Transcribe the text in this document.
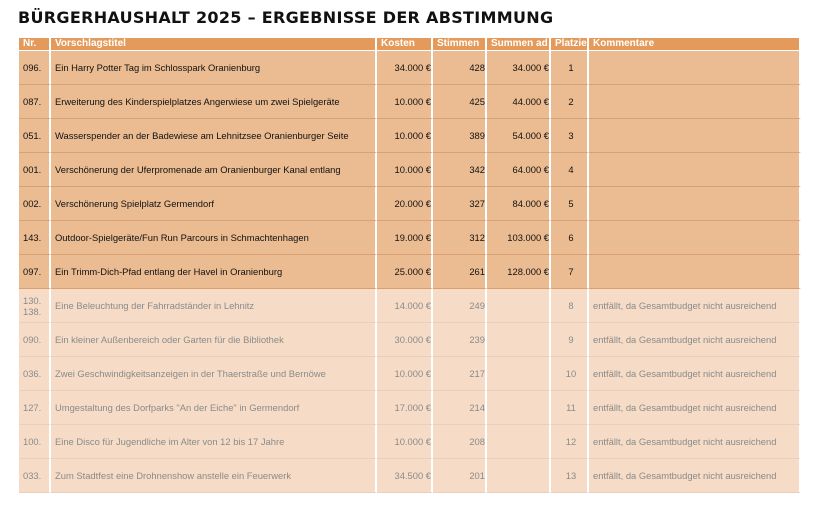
BÜRGERHAUSHALT 2025 – ERGEBNISSE DER ABSTIMMUNG
Nr.	Vorschlagstitel	Kosten	Stimmen	Summen ad	Platzie	Kommentare

096.	Ein Harry Potter Tag im Schlosspark Oranienburg	34.000 €	428	34.000 €	1	

087.	Erweiterung des Kinderspielplatzes Angerwiese um zwei Spielgeräte	10.000 €	425	44.000 €	2	

051.	Wasserspender an der Badewiese am Lehnitzsee Oranienburger Seite	10.000 €	389	54.000 €	3	

001.	Verschönerung der Uferpromenade am Oranienburger Kanal entlang	10.000 €	342	64.000 €	4	

002.	Verschönerung Spielplatz Germendorf	20.000 €	327	84.000 €	5	

143.	Outdoor-Spielgeräte/Fun Run Parcours in Schmachtenhagen	19.000 €	312	103.000 €	6	

097.	Ein Trimm-Dich-Pfad entlang der Havel in Oranienburg	25.000 €	261	128.000 €	7	

130.
138.	Eine Beleuchtung der Fahrradständer in Lehnitz	14.000 €	249		8	entfällt, da Gesamtbudget nicht ausreichend

090.	Ein kleiner Außenbereich oder Garten für die Bibliothek	30.000 €	239		9	entfällt, da Gesamtbudget nicht ausreichend

036.	Zwei Geschwindigkeitsanzeigen in der Thaerstraße und Bernöwe	10.000 €	217		10	entfällt, da Gesamtbudget nicht ausreichend

127.	Umgestaltung des Dorfparks "An der Eiche" in Germendorf	17.000 €	214		11	entfällt, da Gesamtbudget nicht ausreichend

100.	Eine Disco für Jugendliche im Alter von 12 bis 17 Jahre	10.000 €	208		12	entfällt, da Gesamtbudget nicht ausreichend

033.	Zum Stadtfest eine Drohnenshow anstelle ein Feuerwerk	34.500 €	201		13	entfällt, da Gesamtbudget nicht ausreichend
